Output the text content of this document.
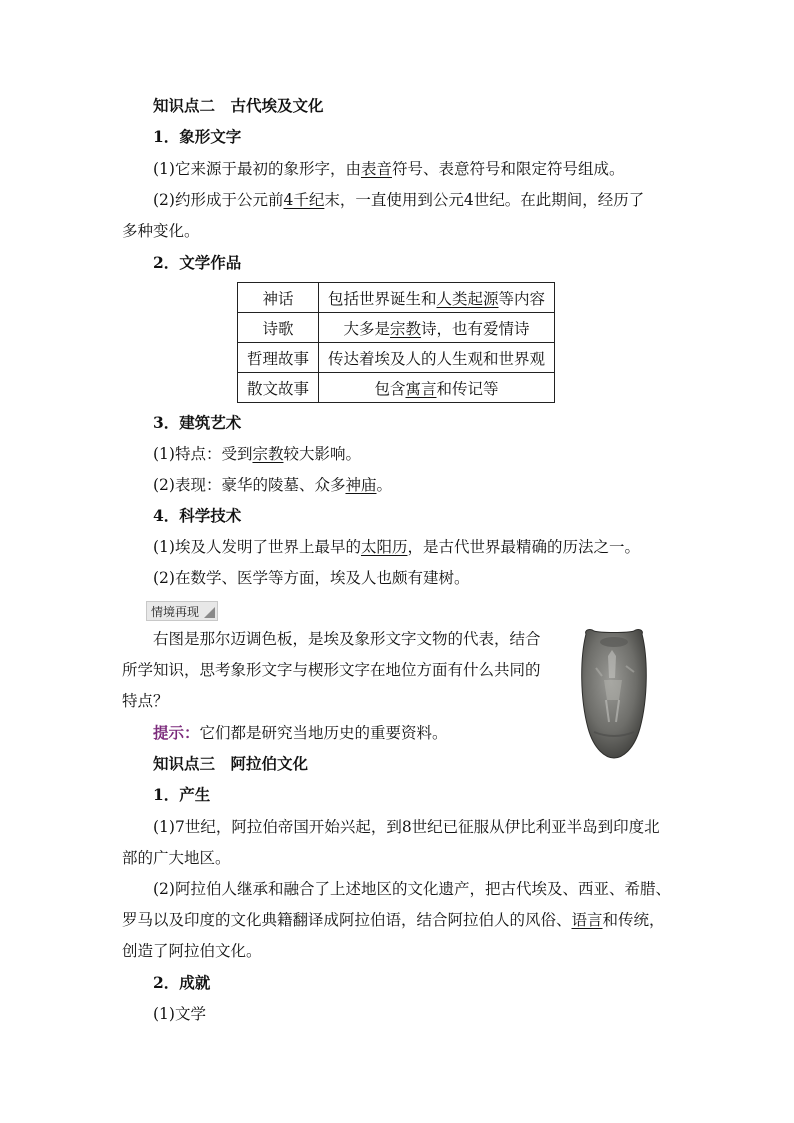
知识点二　古代埃及文化
1．象形文字
(1)它来源于最初的象形字，由表音符号、表意符号和限定符号组成。
(2)约形成于公元前4千纪末，一直使用到公元4世纪。在此期间，经历了
多种变化。
2．文学作品
神话	包括世界诞生和人类起源等内容
诗歌	大多是宗教诗，也有爱情诗
哲理故事	传达着埃及人的人生观和世界观
散文故事	包含寓言和传记等
3．建筑艺术
(1)特点：受到宗教较大影响。
(2)表现：豪华的陵墓、众多神庙。
4．科学技术
(1)埃及人发明了世界上最早的太阳历，是古代世界最精确的历法之一。
(2)在数学、医学等方面，埃及人也颇有建树。
情境再现
右图是那尔迈调色板，是埃及象形文字文物的代表，结合
所学知识，思考象形文字与楔形文字在地位方面有什么共同的
特点？
提示：它们都是研究当地历史的重要资料。
知识点三　阿拉伯文化
1．产生
(1)7世纪，阿拉伯帝国开始兴起，到8世纪已征服从伊比利亚半岛到印度北
部的广大地区。
(2)阿拉伯人继承和融合了上述地区的文化遗产，把古代埃及、西亚、希腊、
罗马以及印度的文化典籍翻译成阿拉伯语，结合阿拉伯人的风俗、语言和传统，
创造了阿拉伯文化。
2．成就
(1)文学
